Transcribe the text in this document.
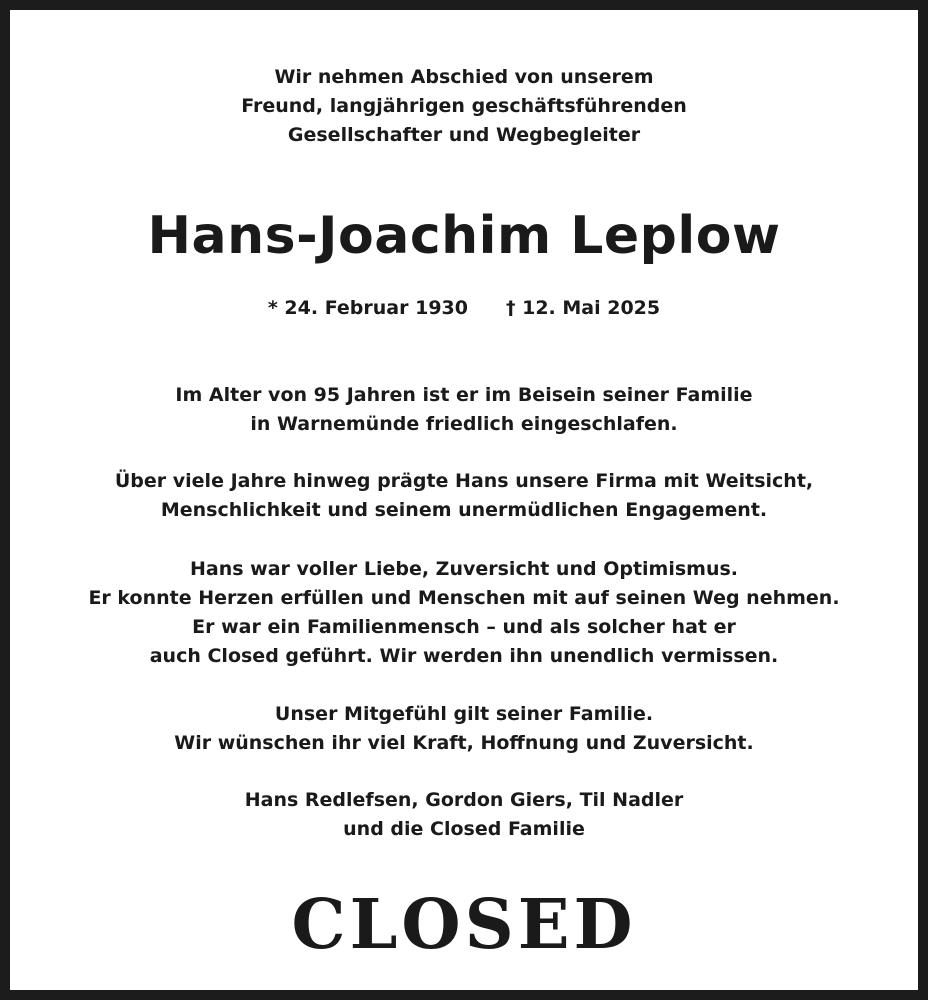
Wir nehmen Abschied von unserem
Freund, langjährigen geschäftsführenden
Gesellschafter und Wegbegleiter
Hans-Joachim Leplow
* 24. Februar 1930 † 12. Mai 2025
Im Alter von 95 Jahren ist er im Beisein seiner Familie
in Warnemünde friedlich eingeschlafen.
Über viele Jahre hinweg prägte Hans unsere Firma mit Weitsicht,
Menschlichkeit und seinem unermüdlichen Engagement.
Hans war voller Liebe, Zuversicht und Optimismus.
Er konnte Herzen erfüllen und Menschen mit auf seinen Weg nehmen.
Er war ein Familienmensch – und als solcher hat er
auch Closed geführt. Wir werden ihn unendlich vermissen.
Unser Mitgefühl gilt seiner Familie.
Wir wünschen ihr viel Kraft, Hoffnung und Zuversicht.
Hans Redlefsen, Gordon Giers, Til Nadler
und die Closed Familie
CLOSED
